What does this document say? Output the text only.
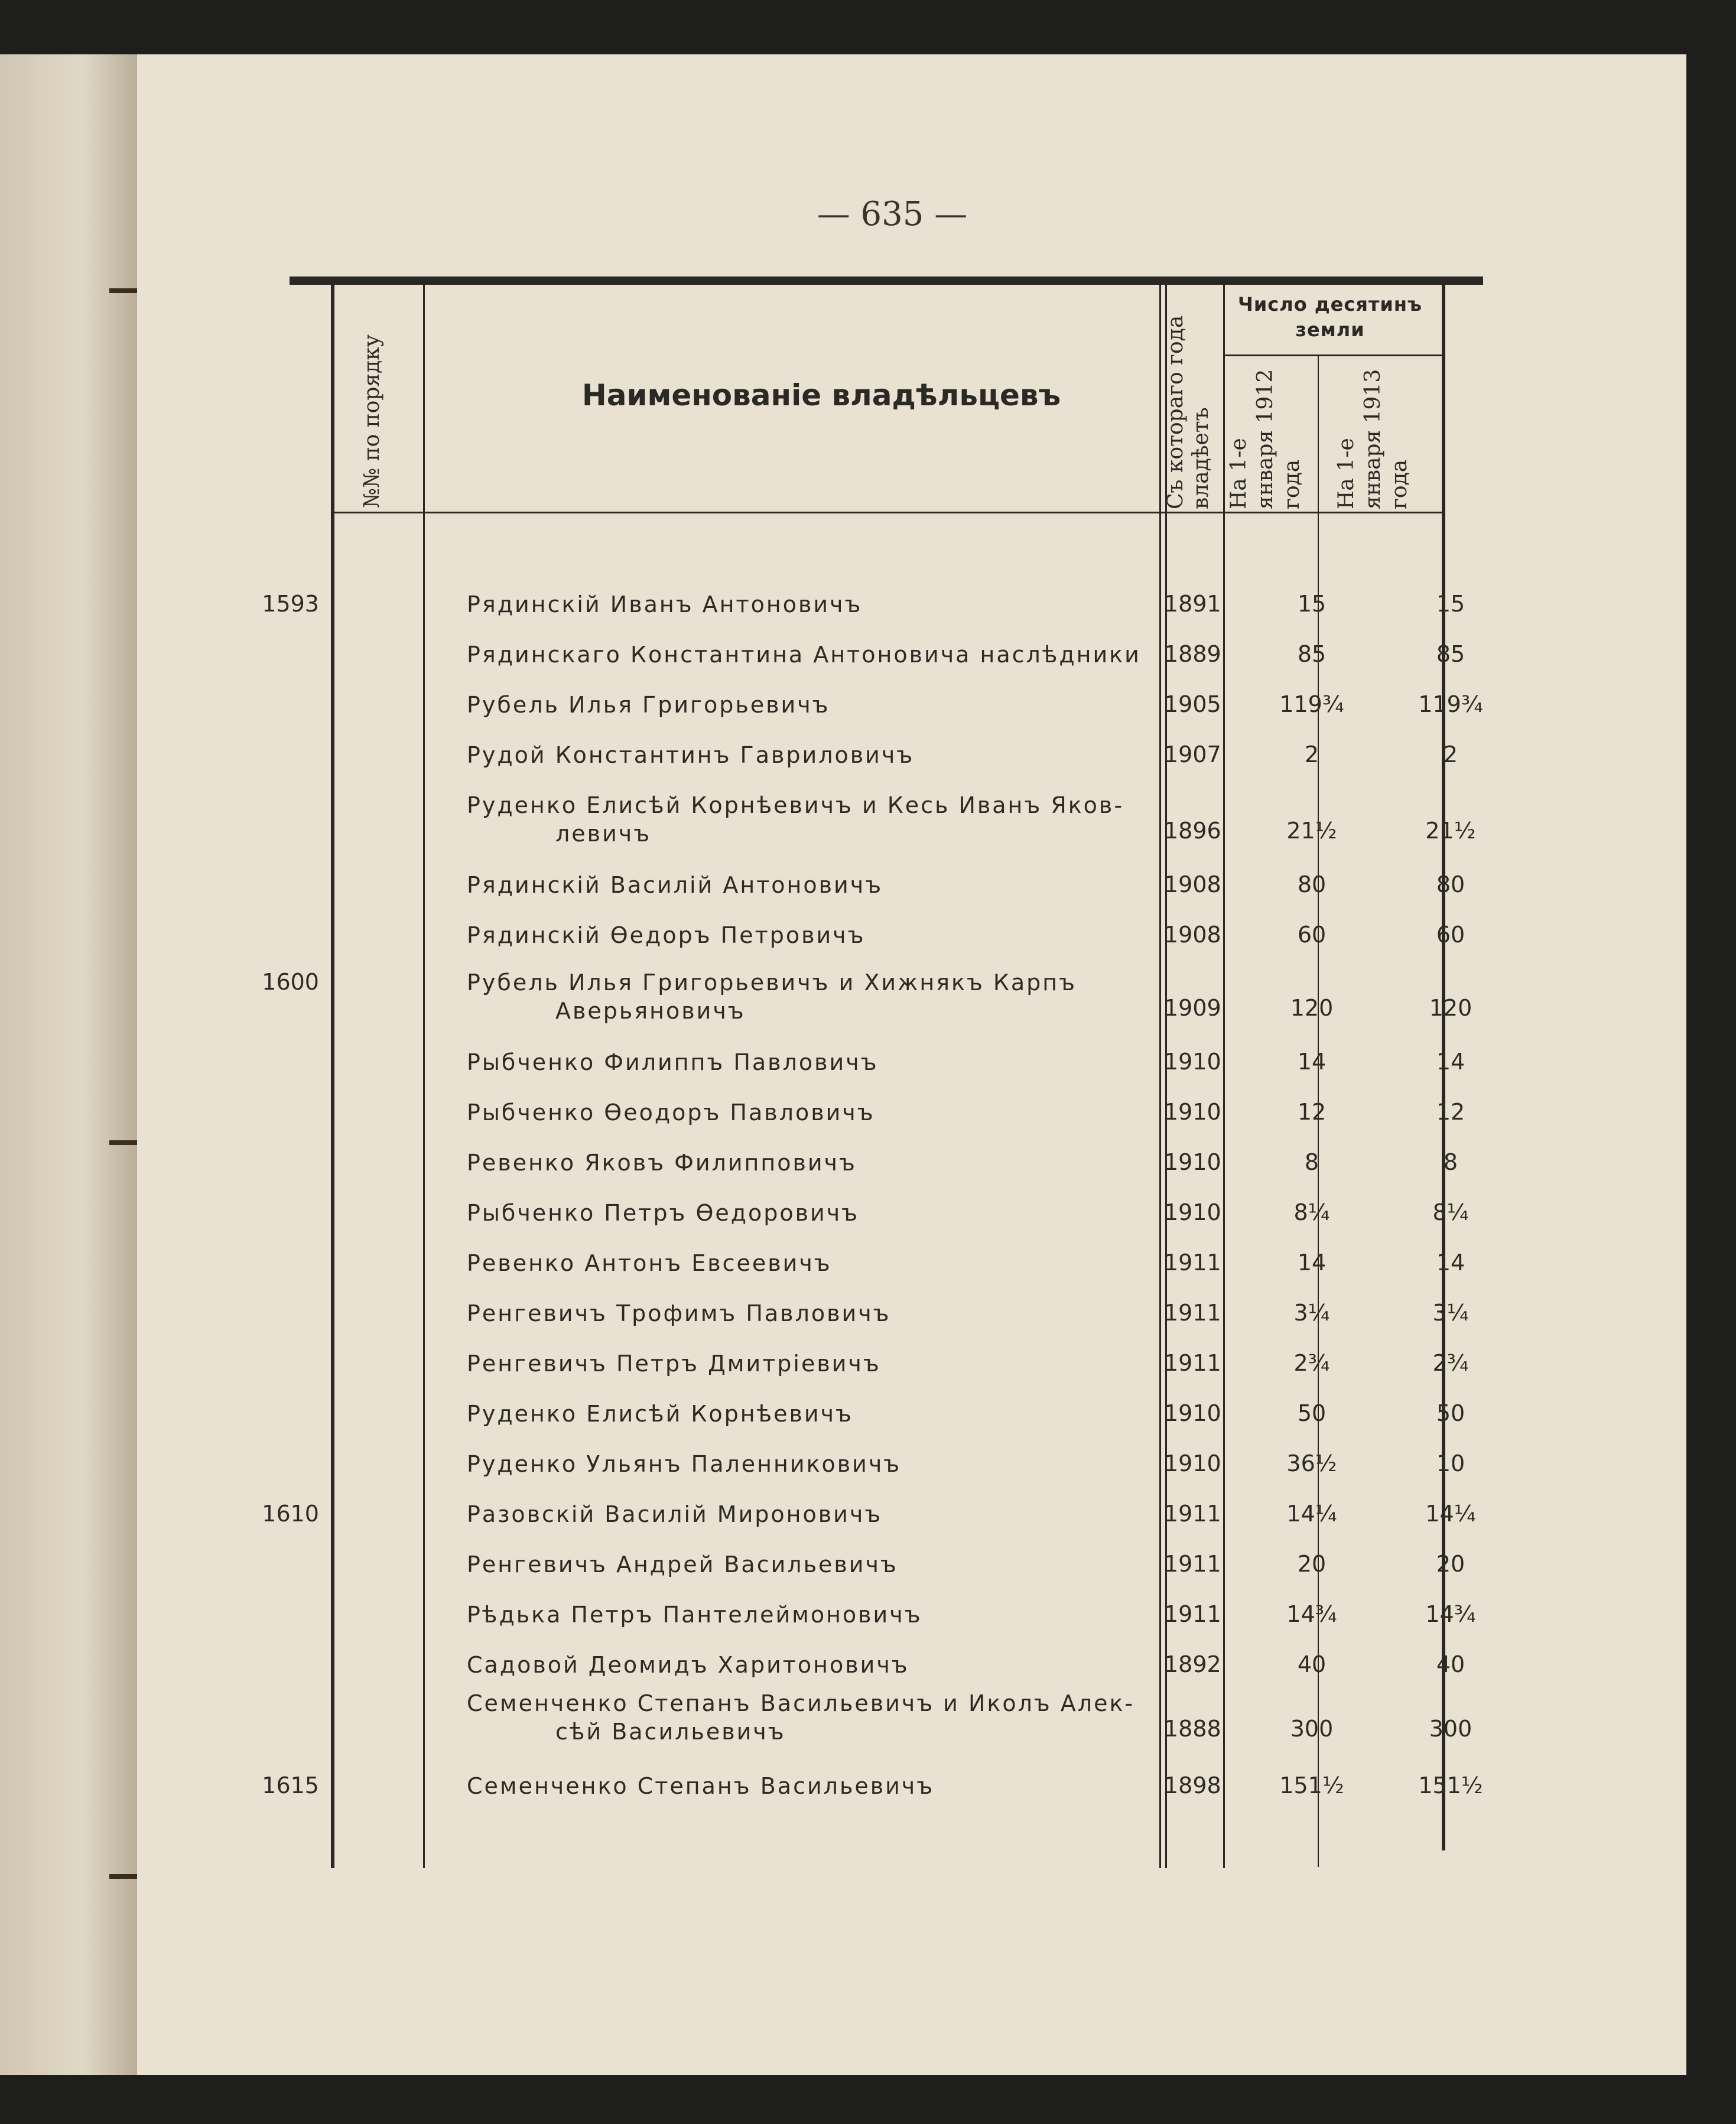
— 635 —
№№ по порядку	Наименованіе владѣльцевъ	Съ котораго года владѣетъ
Число десятинъ земли
На 1-е января 1912 года На 1-е января 1913 года
1593	Рядинскій Иванъ Антоновичъ	1891	15	15
Рядинскаго Константина Антоновича наслѣдники	1889	85	85
Рубель Илья Григорьевичъ	1905	119¾	119¾
Рудой Константинъ Гавриловичъ	1907	2	2
Руденко Елисѣй Корнѣевичъ и Кесь Иванъ Яков-
левичъ	1896	21½	21½
Рядинскій Василій Антоновичъ	1908	80	80
Рядинскій Өедоръ Петровичъ	1908	60	60
1600	Рубель Илья Григорьевичъ и Хижнякъ Карпъ
Аверьяновичъ	1909	120	120
Рыбченко Филиппъ Павловичъ	1910	14	14
Рыбченко Өеодоръ Павловичъ	1910	12	12
Ревенко Яковъ Филипповичъ	1910	8	8
Рыбченко Петръ Өедоровичъ	1910	8¼	8¼
Ревенко Антонъ Евсеевичъ	1911	14	14
Ренгевичъ Трофимъ Павловичъ	1911	3¼	3¼
Ренгевичъ Петръ Дмитріевичъ	1911	2¾	2¾
Руденко Елисѣй Корнѣевичъ	1910	50	50
Руденко Ульянъ Паленниковичъ	1910	36½	10
1610	Разовскій Василій Мироновичъ	1911	14¼	14¼
Ренгевичъ Андрей Васильевичъ	1911	20	20
Рѣдька Петръ Пантелеймоновичъ	1911	14¾	14¾
Садовой Деомидъ Харитоновичъ	1892	40	40
Семенченко Степанъ Васильевичъ и Иколъ Алек-
сѣй Васильевичъ	1888	300	300
1615	Семенченко Степанъ Васильевичъ	1898	151½	151½
